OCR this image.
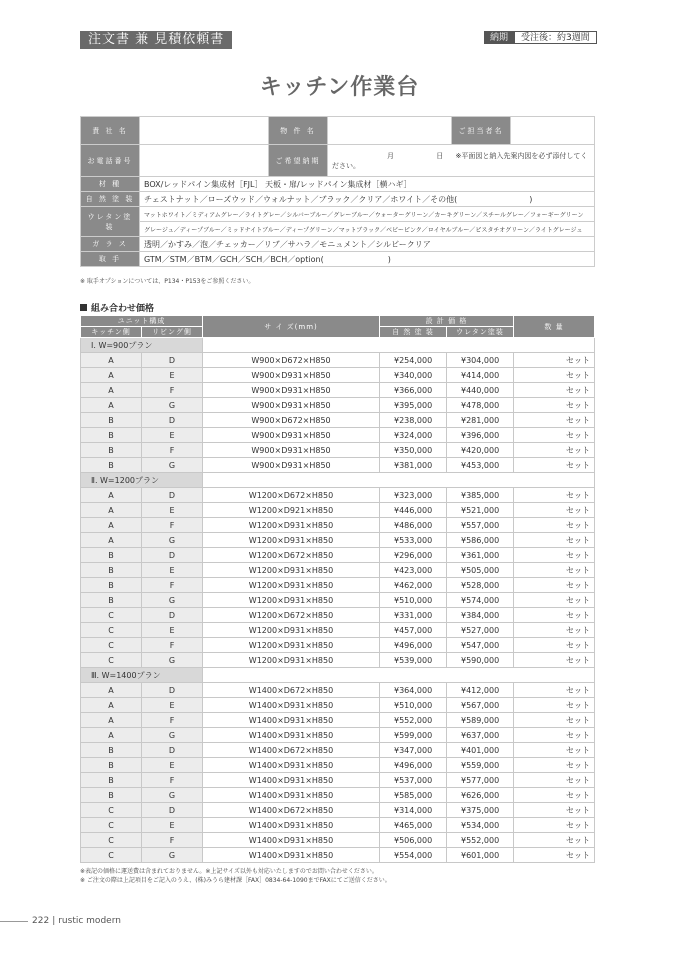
注文書 兼 見積依頼書	納期	受注後：約3週間
キッチン作業台
責 社 名		物 件 名		ご担当者名	
お電話番号		ご希望納期	月 日 ※平面図と納入先案内図を必ず添付してください。		
材 種	BOX/レッドパイン集成材［FJL］ 天板・扉/レッドパイン集成材［横ハギ］				
自 然 塗 装	チェストナット／ローズウッド／ウォルナット／ブラック／クリア／ホワイト／その他(　　　　　　　　　)				
ウレタン塗装	マットホワイト／ミディアムグレー／ライトグレー／シルバーブルー／グレーブルー／ウォーターグリーン／カーキグリーン／スチールグレー／フォーギーグリーン				
	グレージュ／ディープブルー／ミッドナイトブルー／ディープグリーン／マットブラック／ベビーピンク／ロイヤルブルー／ピスタチオグリーン／ライトグレージュ				
ガ ラ ス	透明／かすみ／泡／チェッカー／リブ／サハラ／モニュメント／シルビークリア				
取 手	GTM／STM／BTM／GCH／SCH／BCH／option(　　　　　　　　)				
※ 取手オプションについては、P134・P153をご参照ください。
組み合わせ価格
ユニット構成		サ イ ズ(mm)	設 計 価 格		数 量
キッチン側	リビング側		自 然 塗 装	ウレタン塗装	
Ⅰ. W=900プラン					
A	D	W900×D672×H850	¥254,000	¥304,000	セット
A	E	W900×D931×H850	¥340,000	¥414,000	セット
A	F	W900×D931×H850	¥366,000	¥440,000	セット
A	G	W900×D931×H850	¥395,000	¥478,000	セット
B	D	W900×D672×H850	¥238,000	¥281,000	セット
B	E	W900×D931×H850	¥324,000	¥396,000	セット
B	F	W900×D931×H850	¥350,000	¥420,000	セット
B	G	W900×D931×H850	¥381,000	¥453,000	セット
Ⅱ. W=1200プラン					
A	D	W1200×D672×H850	¥323,000	¥385,000	セット
A	E	W1200×D921×H850	¥446,000	¥521,000	セット
A	F	W1200×D931×H850	¥486,000	¥557,000	セット
A	G	W1200×D931×H850	¥533,000	¥586,000	セット
B	D	W1200×D672×H850	¥296,000	¥361,000	セット
B	E	W1200×D931×H850	¥423,000	¥505,000	セット
B	F	W1200×D931×H850	¥462,000	¥528,000	セット
B	G	W1200×D931×H850	¥510,000	¥574,000	セット
C	D	W1200×D672×H850	¥331,000	¥384,000	セット
C	E	W1200×D931×H850	¥457,000	¥527,000	セット
C	F	W1200×D931×H850	¥496,000	¥547,000	セット
C	G	W1200×D931×H850	¥539,000	¥590,000	セット
Ⅲ. W=1400プラン					
A	D	W1400×D672×H850	¥364,000	¥412,000	セット
A	E	W1400×D931×H850	¥510,000	¥567,000	セット
A	F	W1400×D931×H850	¥552,000	¥589,000	セット
A	G	W1400×D931×H850	¥599,000	¥637,000	セット
B	D	W1400×D672×H850	¥347,000	¥401,000	セット
B	E	W1400×D931×H850	¥496,000	¥559,000	セット
B	F	W1400×D931×H850	¥537,000	¥577,000	セット
B	G	W1400×D931×H850	¥585,000	¥626,000	セット
C	D	W1400×D672×H850	¥314,000	¥375,000	セット
C	E	W1400×D931×H850	¥465,000	¥534,000	セット
C	F	W1400×D931×H850	¥506,000	¥552,000	セット
C	G	W1400×D931×H850	¥554,000	¥601,000	セット
※表記の価格に運送費は含まれておりません。※上記サイズ以外も対応いたしますのでお問い合わせください。
※ ご注文の際は上記項目をご記入のうえ、(株)みうら建材課［FAX］0834-64-1090までFAXにてご送信ください。
222 | rustic modern
